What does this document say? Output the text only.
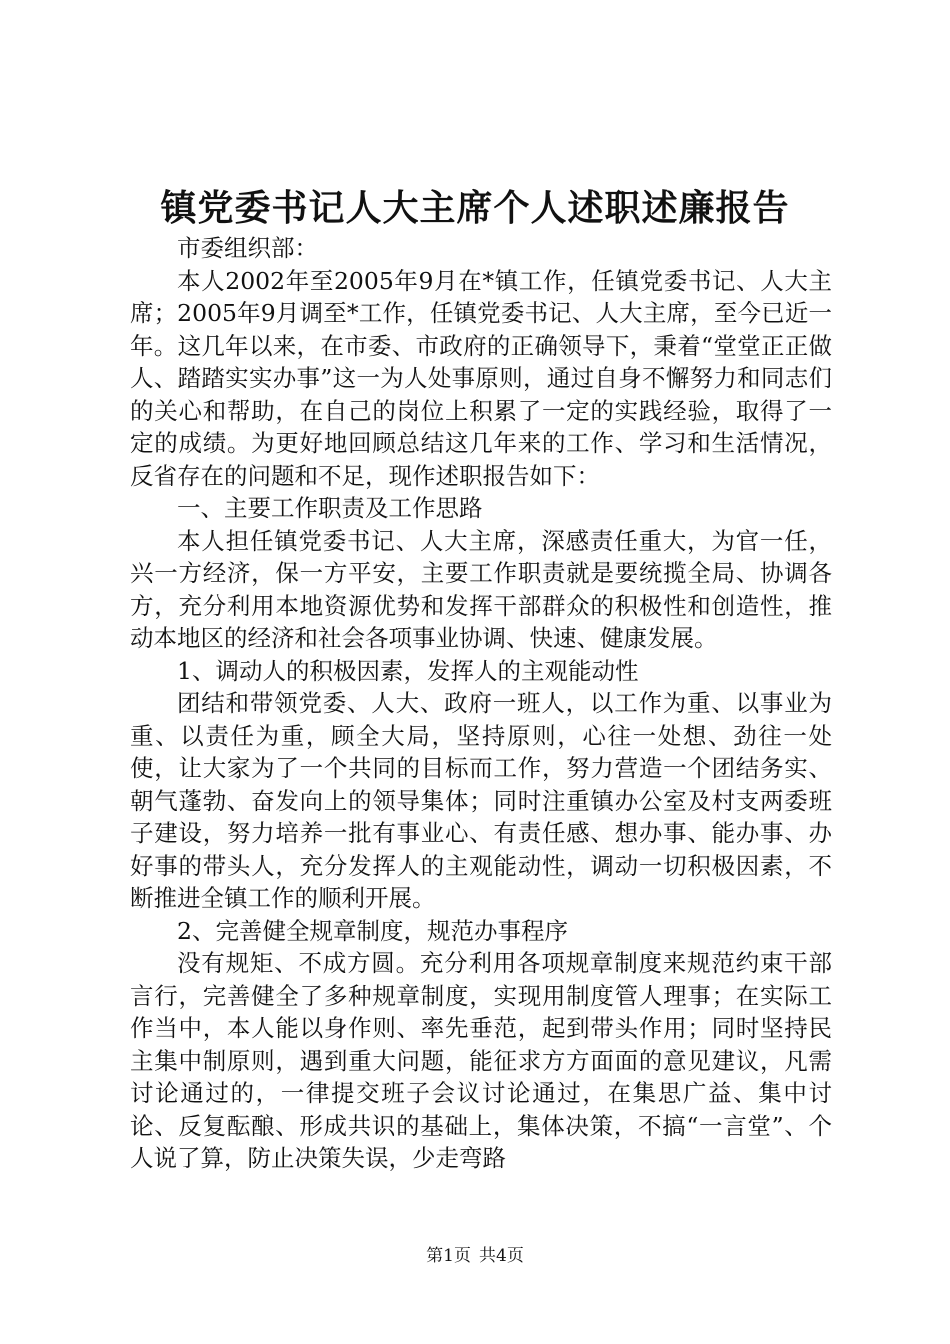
镇党委书记人大主席个人述职述廉报告

市委组织部：

本人2002年至2005年9月在*镇工作，任镇党委书记、人大主席；2005年9月调至*工作，任镇党委书记、人大主席，至今已近一年。这几年以来，在市委、市政府的正确领导下，秉着“堂堂正正做人、踏踏实实办事”这一为人处事原则，通过自身不懈努力和同志们的关心和帮助，在自己的岗位上积累了一定的实践经验，取得了一定的成绩。为更好地回顾总结这几年来的工作、学习和生活情况，反省存在的问题和不足，现作述职报告如下：

一、主要工作职责及工作思路

本人担任镇党委书记、人大主席，深感责任重大，为官一任，兴一方经济，保一方平安，主要工作职责就是要统揽全局、协调各方，充分利用本地资源优势和发挥干部群众的积极性和创造性，推动本地区的经济和社会各项事业协调、快速、健康发展。

1、调动人的积极因素，发挥人的主观能动性

团结和带领党委、人大、政府一班人，以工作为重、以事业为重、以责任为重，顾全大局，坚持原则，心往一处想、劲往一处使，让大家为了一个共同的目标而工作，努力营造一个团结务实、朝气蓬勃、奋发向上的领导集体；同时注重镇办公室及村支两委班子建设，努力培养一批有事业心、有责任感、想办事、能办事、办好事的带头人，充分发挥人的主观能动性，调动一切积极因素，不断推进全镇工作的顺利开展。

2、完善健全规章制度，规范办事程序

没有规矩、不成方圆。充分利用各项规章制度来规范约束干部言行，完善健全了多种规章制度，实现用制度管人理事；在实际工作当中，本人能以身作则、率先垂范，起到带头作用；同时坚持民主集中制原则，遇到重大问题，能征求方方面面的意见建议，凡需讨论通过的，一律提交班子会议讨论通过，在集思广益、集中讨论、反复酝酿、形成共识的基础上，集体决策，不搞“一言堂”、个人说了算，防止决策失误，少走弯路

第1页 共4页
